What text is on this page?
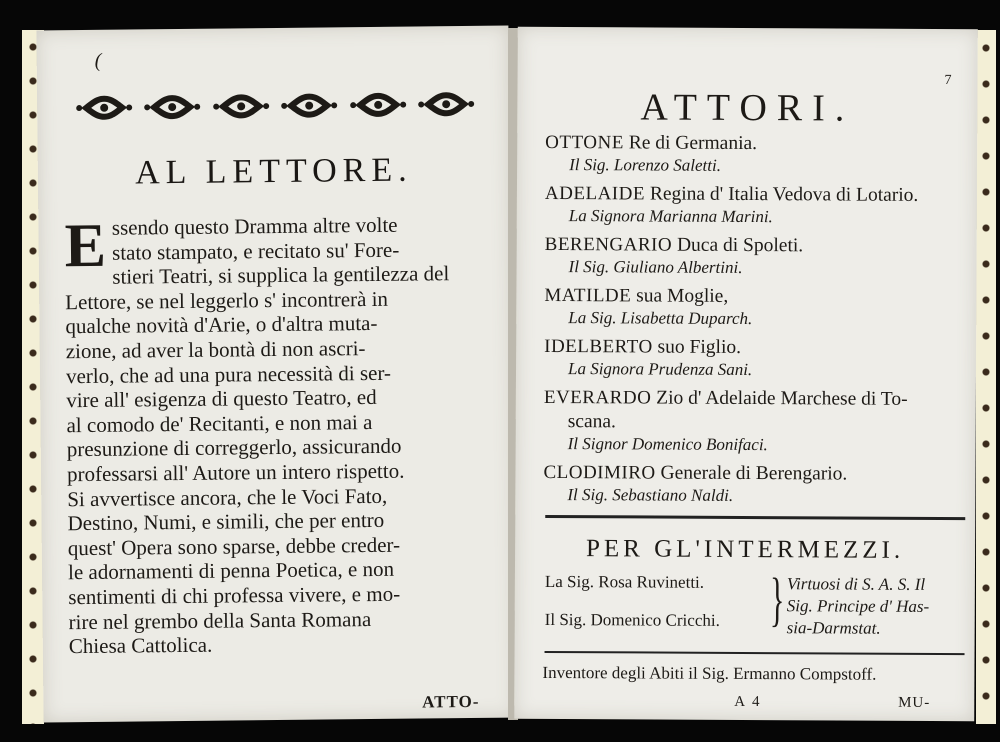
(
AL LETTORE.
E ssendo questo Dramma altre volte
stato stampato, e recitato su' Fore-
stieri Teatri, si supplica la gentilezza del
Lettore, se nel leggerlo s' incontrerà in
qualche novità d'Arie, o d'altra muta-
zione, ad aver la bontà di non ascri-
verlo, che ad una pura necessità di ser-
vire all' esigenza di questo Teatro, ed
al comodo de' Recitanti, e non mai a
presunzione di correggerlo, assicurando
professarsi all' Autore un intero rispetto.
Si avvertisce ancora, che le Voci Fato,
Destino, Numi, e simili, che per entro
quest' Opera sono sparse, debbe creder-
le adornamenti di penna Poetica, e non
sentimenti di chi professa vivere, e mo-
rire nel grembo della Santa Romana
Chiesa Cattolica.
ATTO-
7
ATTORI.
OTTONE Re di Germania.
Il Sig. Lorenzo Saletti.
ADELAIDE Regina d' Italia Vedova di Lotario.
La Signora Marianna Marini.
BERENGARIO Duca di Spoleti.
Il Sig. Giuliano Albertini.
MATILDE sua Moglie,
La Sig. Lisabetta Duparch.
IDELBERTO suo Figlio.
La Signora Prudenza Sani.
EVERARDO Zio d' Adelaide Marchese di To-
scana.
Il Signor Domenico Bonifaci.
CLODIMIRO Generale di Berengario.
Il Sig. Sebastiano Naldi.
PER GL'INTERMEZZI.
La Sig. Rosa Ruvinetti.
Il Sig. Domenico Cricchi. } Virtuosi di S. A. S. Il
Sig. Principe d' Has-
sia-Darmstat.
Inventore degli Abiti il Sig. Ermanno Compstoff.
A 4	MU-
